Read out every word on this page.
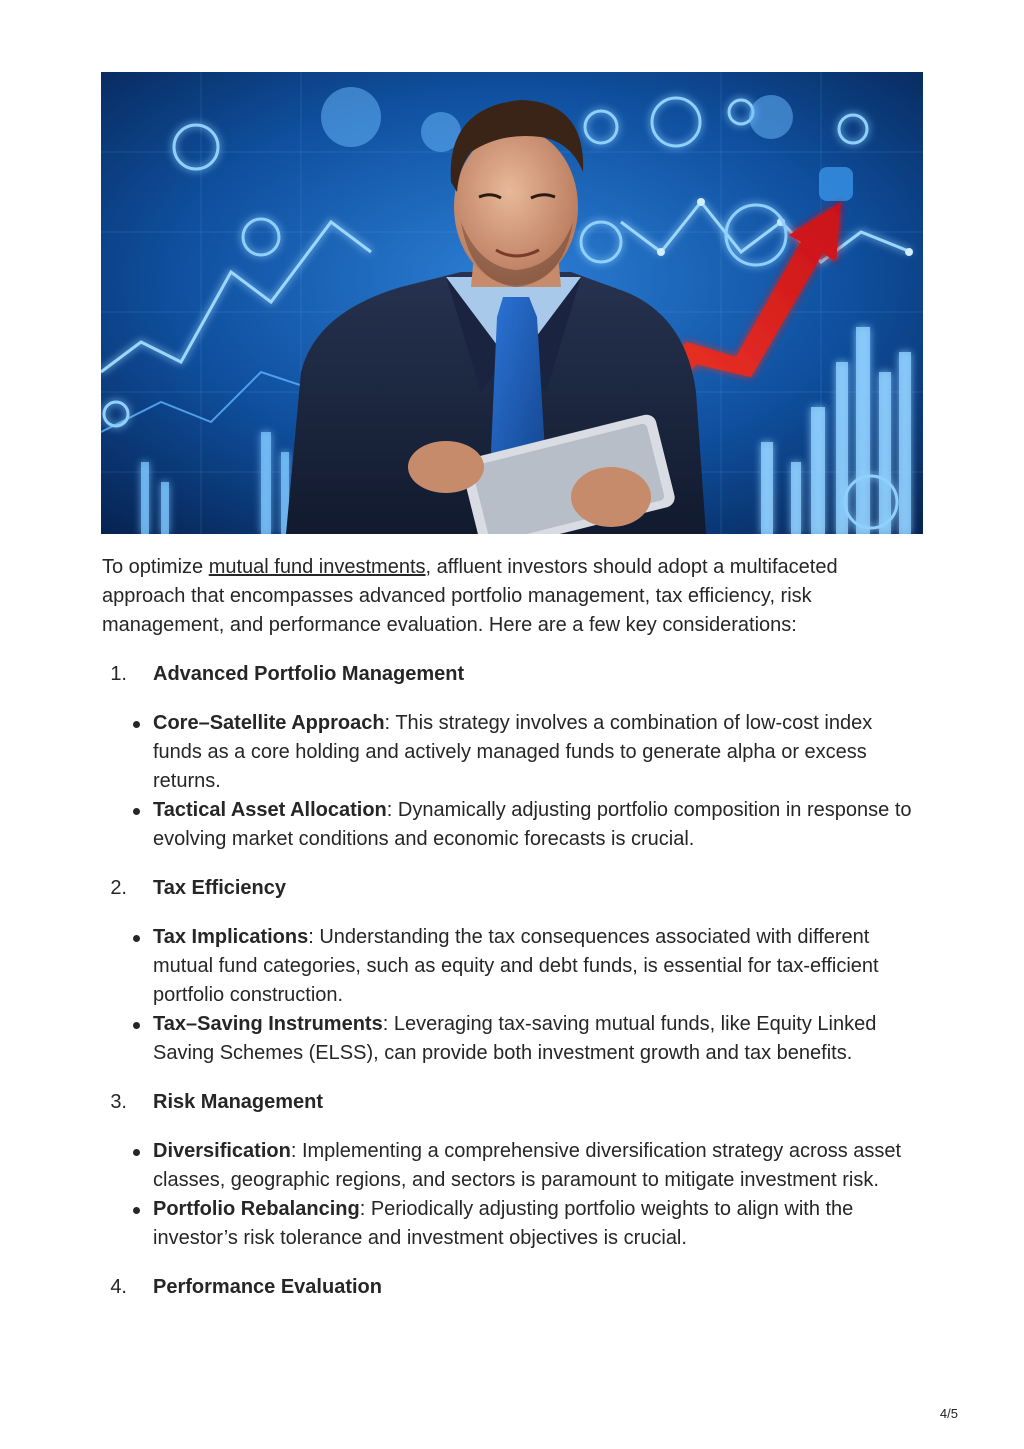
To optimize mutual fund investments, affluent investors should adopt a multifaceted approach that encompasses advanced portfolio management, tax efficiency, risk management, and performance evaluation. Here are a few key considerations:

1. Advanced Portfolio Management
Core–Satellite Approach: This strategy involves a combination of low-cost index funds as a core holding and actively managed funds to generate alpha or excess returns.
Tactical Asset Allocation: Dynamically adjusting portfolio composition in response to evolving market conditions and economic forecasts is crucial.
2. Tax Efficiency
Tax Implications: Understanding the tax consequences associated with different mutual fund categories, such as equity and debt funds, is essential for tax-efficient portfolio construction.
Tax–Saving Instruments: Leveraging tax-saving mutual funds, like Equity Linked Saving Schemes (ELSS), can provide both investment growth and tax benefits.
3. Risk Management
Diversification: Implementing a comprehensive diversification strategy across asset classes, geographic regions, and sectors is paramount to mitigate investment risk.
Portfolio Rebalancing: Periodically adjusting portfolio weights to align with the investor’s risk tolerance and investment objectives is crucial.
4. Performance Evaluation
4/5
